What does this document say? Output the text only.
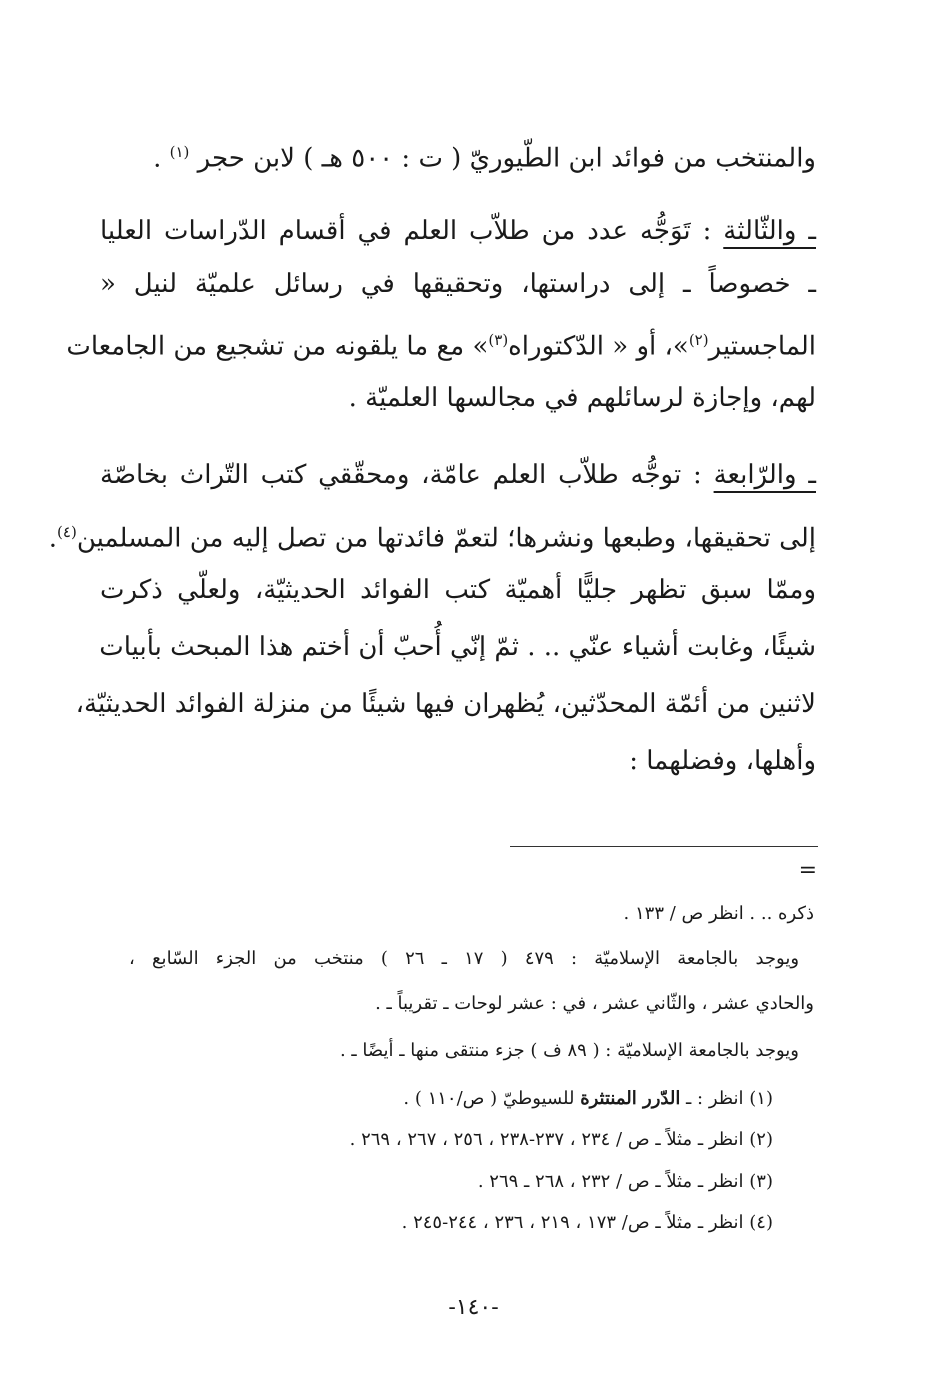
والمنتخب من فوائد ابن الطّيوريّ ( ت : ٥٠٠ هـ ) لابن حجر $^{(١)}$ .
ـ والثّالثة : تَوَجُّه عدد من طلاّب العلم في أقسام الدّراسات العليا
ـ خصوصاً ـ إلى دراستها، وتحقيقها في رسائل علميّة لنيل «
الماجستير$^{(٢)}$»، أو « الدّكتوراه$^{(٣)}$» مع ما يلقونه من تشجيع من الجامعات
لهم، وإجازة لرسائلهم في مجالسها العلميّة .
ـ والرّابعة : توجُّه طلاّب العلم عامّة، ومحقّقي كتب التّراث بخاصّة
إلى تحقيقها، وطبعها ونشرها؛ لتعمّ فائدتها من تصل إليه من المسلمين$^{(٤)}$.
وممّا سبق تظهر جليًّا أهميّة كتب الفوائد الحديثيّة، ولعلّي ذكرت
شيئًا، وغابت أشياء عنّي .. . ثمّ إنّي أُحبّ أن أختم هذا المبحث بأبيات
لاثنين من أئمّة المحدّثين، يُظهران فيها شيئًا من منزلة الفوائد الحديثيّة،
وأهلها، وفضلهما :
=
ذكره .. . انظر ص / ١٣٣ .
ويوجد بالجامعة الإسلاميّة : ٤٧٩ ( ١٧ ـ ٢٦ ) منتخب من الجزء السّابع ،
والحادي عشر ، والثّاني عشر ، في : عشر لوحات ـ تقريباً ـ .
ويوجد بالجامعة الإسلاميّة : ( ٨٩ ف ) جزء منتقى منها ـ أيضًا ـ .
(١) انظر : ـ الدّرر المنتثرة للسيوطيّ ( ص/١١٠ ) .
(٢) انظر ـ مثلاً ـ ص / ٢٣٤ ، ٢٣٧-٢٣٨ ، ٢٥٦ ، ٢٦٧ ، ٢٦٩ .
(٣) انظر ـ مثلاً ـ ص / ٢٣٢ ، ٢٦٨ ـ ٢٦٩ .
(٤) انظر ـ مثلاً ـ ص/ ١٧٣ ، ٢١٩ ، ٢٣٦ ، ٢٤٤-٢٤٥ .
-١٤٠-
